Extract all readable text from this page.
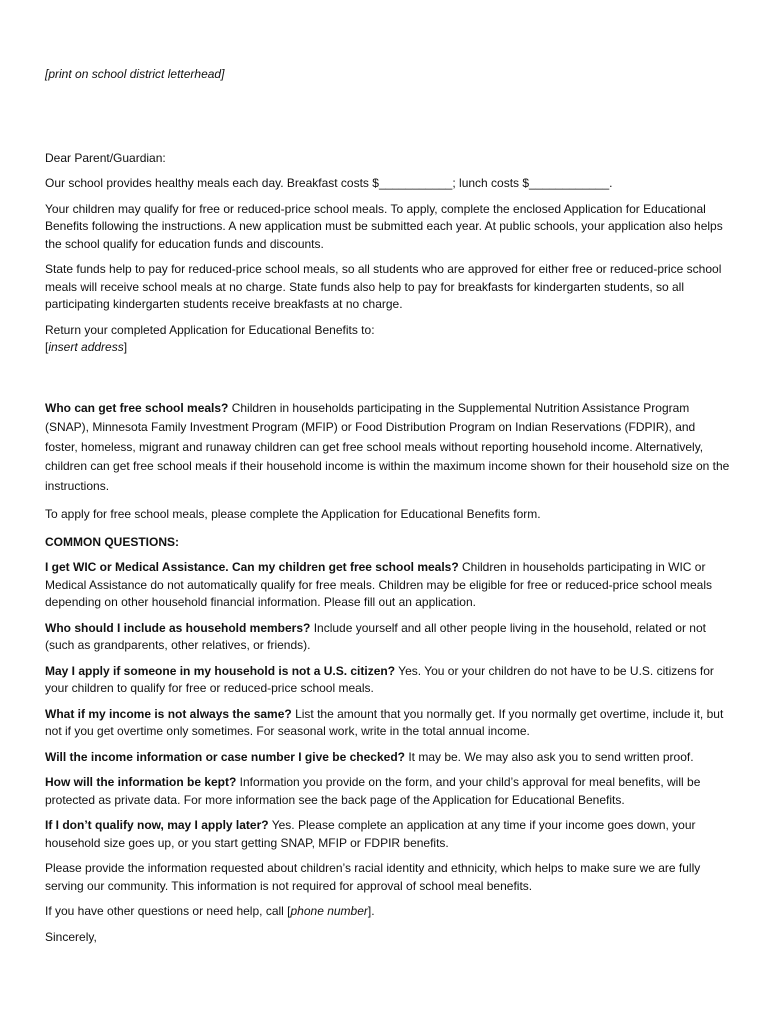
[print on school district letterhead]

Dear Parent/Guardian:

Our school provides healthy meals each day. Breakfast costs $___________; lunch costs $____________.

Your children may qualify for free or reduced-price school meals. To apply, complete the enclosed Application for Educational Benefits following the instructions. A new application must be submitted each year. At public schools, your application also helps the school qualify for education funds and discounts.

State funds help to pay for reduced-price school meals, so all students who are approved for either free or reduced-price school meals will receive school meals at no charge. State funds also help to pay for breakfasts for kindergarten students, so all participating kindergarten students receive breakfasts at no charge.

Return your completed Application for Educational Benefits to:
[insert address]

Who can get free school meals? Children in households participating in the Supplemental Nutrition Assistance Program (SNAP), Minnesota Family Investment Program (MFIP) or Food Distribution Program on Indian Reservations (FDPIR), and foster, homeless, migrant and runaway children can get free school meals without reporting household income. Alternatively, children can get free school meals if their household income is within the maximum income shown for their household size on the instructions.

To apply for free school meals, please complete the Application for Educational Benefits form.

COMMON QUESTIONS:

I get WIC or Medical Assistance. Can my children get free school meals? Children in households participating in WIC or Medical Assistance do not automatically qualify for free meals. Children may be eligible for free or reduced-price school meals depending on other household financial information. Please fill out an application.

Who should I include as household members? Include yourself and all other people living in the household, related or not (such as grandparents, other relatives, or friends).

May I apply if someone in my household is not a U.S. citizen? Yes. You or your children do not have to be U.S. citizens for your children to qualify for free or reduced-price school meals.

What if my income is not always the same? List the amount that you normally get. If you normally get overtime, include it, but not if you get overtime only sometimes. For seasonal work, write in the total annual income.

Will the income information or case number I give be checked? It may be. We may also ask you to send written proof.

How will the information be kept? Information you provide on the form, and your child’s approval for meal benefits, will be protected as private data. For more information see the back page of the Application for Educational Benefits.

If I don’t qualify now, may I apply later? Yes. Please complete an application at any time if your income goes down, your household size goes up, or you start getting SNAP, MFIP or FDPIR benefits.

Please provide the information requested about children’s racial identity and ethnicity, which helps to make sure we are fully serving our community. This information is not required for approval of school meal benefits.

If you have other questions or need help, call [phone number].

Sincerely,
